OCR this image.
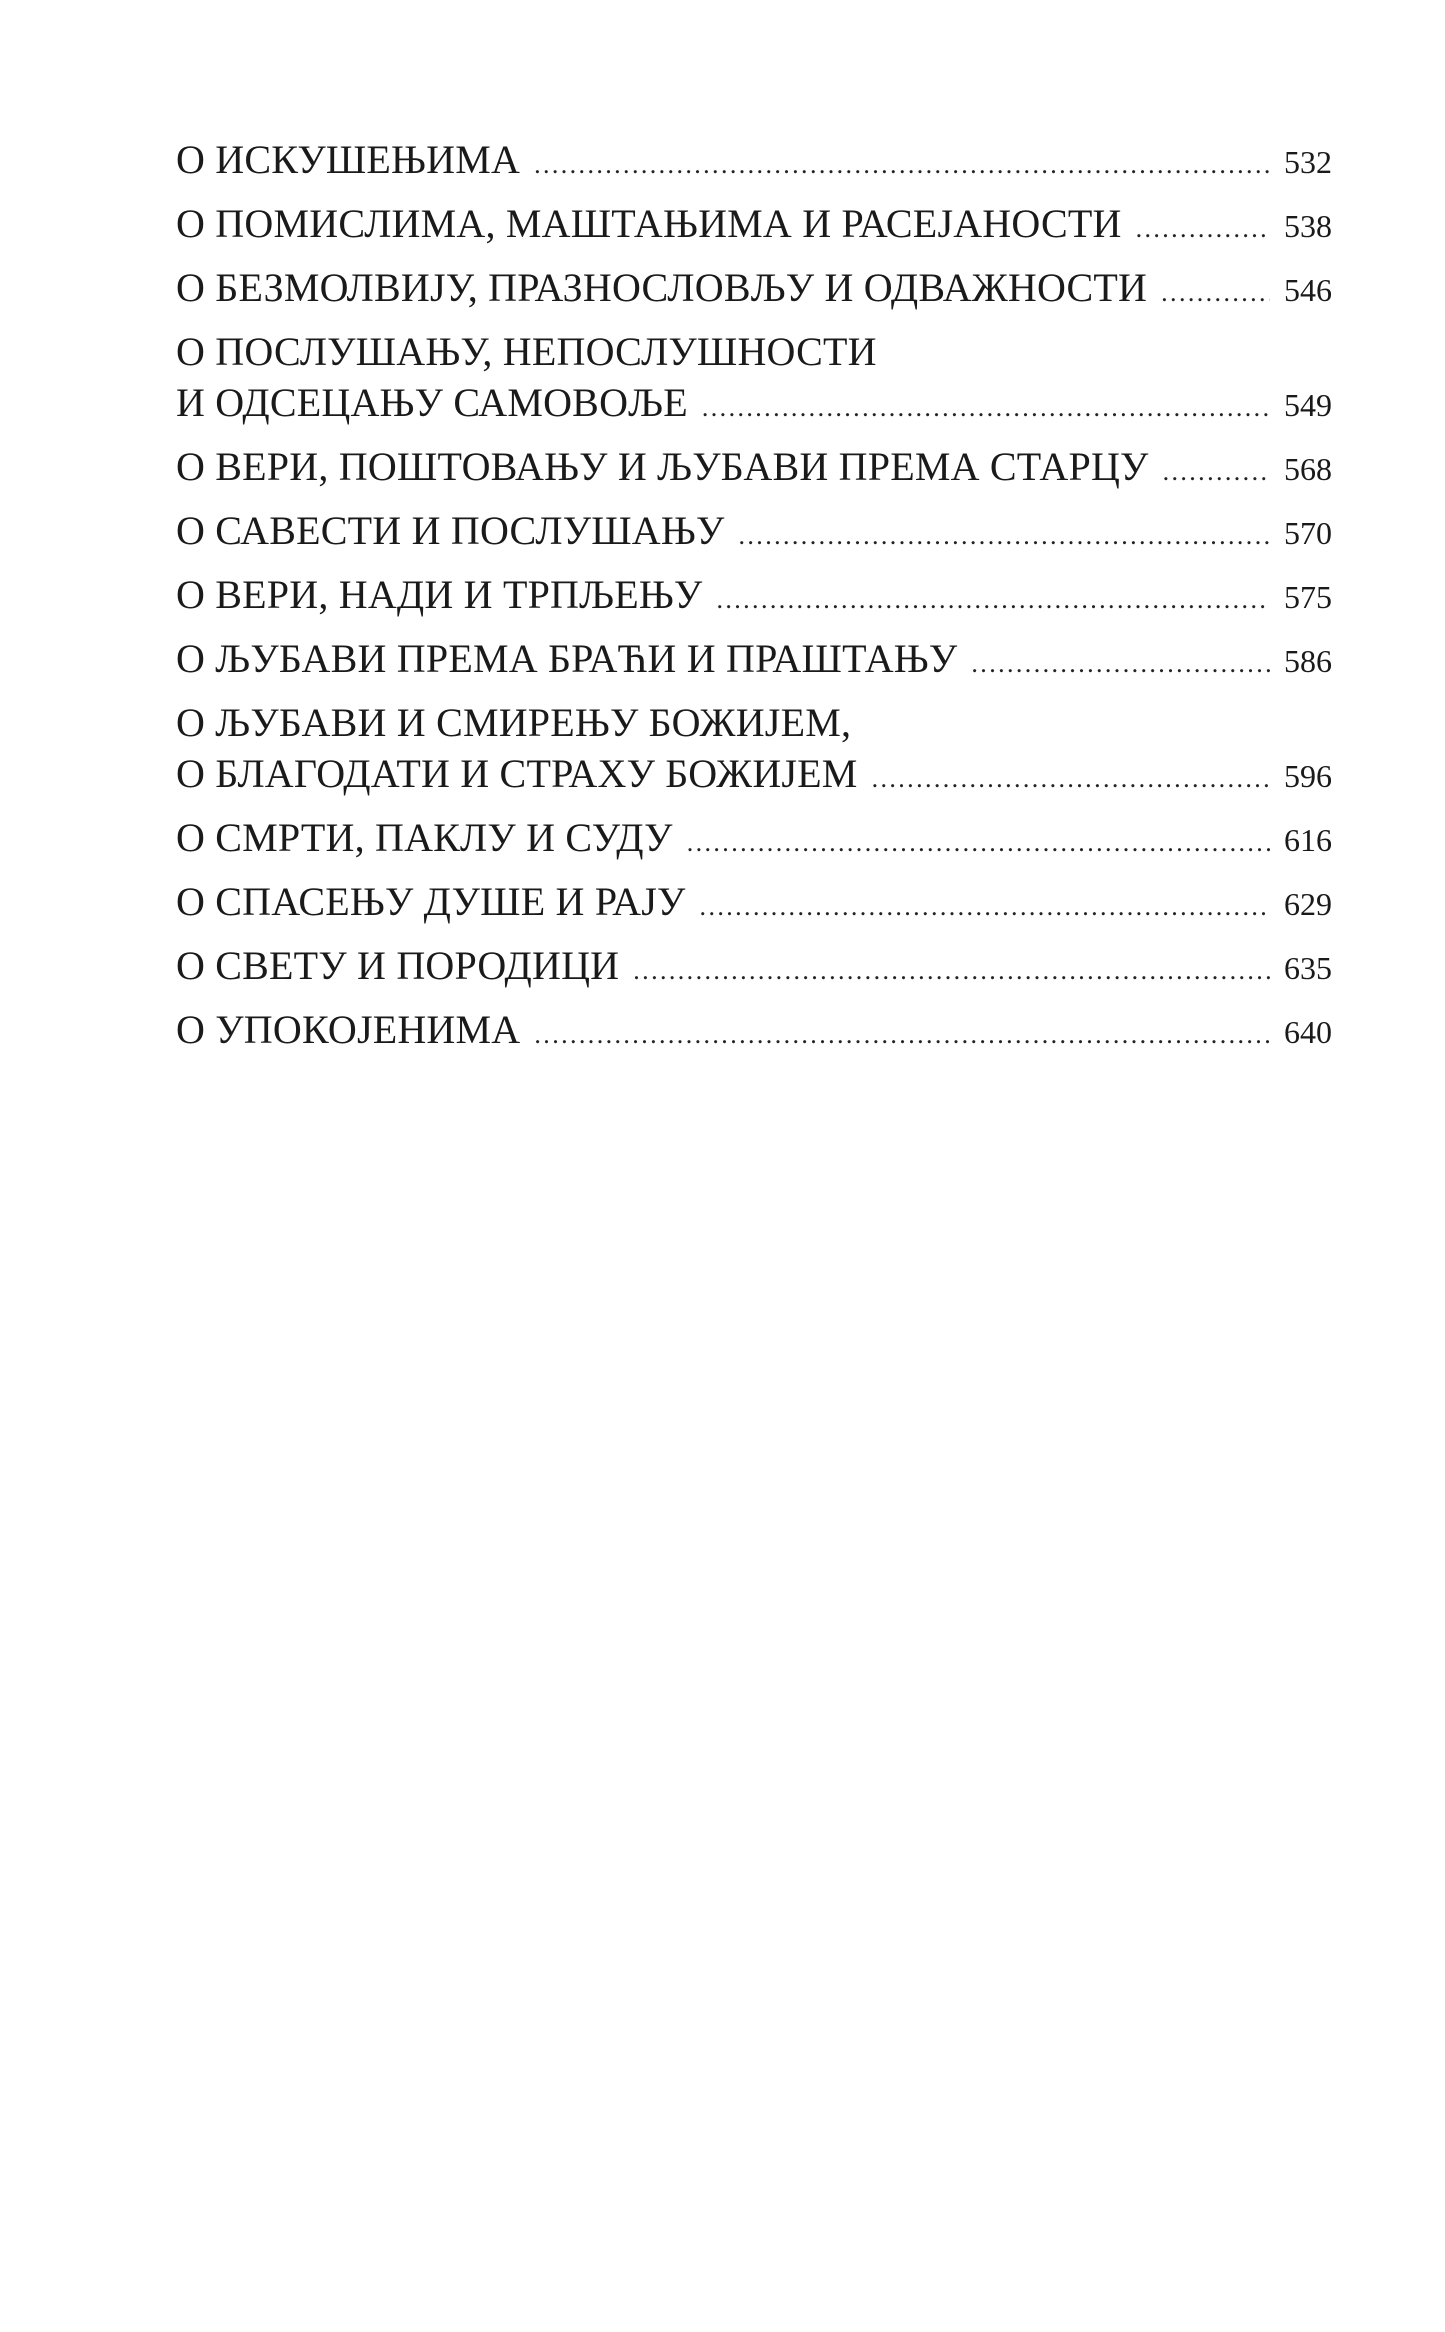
О ИСКУШЕЊИМА .....	532
О ПОМИСЛИМА, МАШТАЊИМА И РАСЕЈАНОСТИ .....	538
О БЕЗМОЛВИЈУ, ПРАЗНОСЛОВЉУ И ОДВАЖНОСТИ .....	546
О ПОСЛУШАЊУ, НЕПОСЛУШНОСТИ
И ОДСЕЦАЊУ САМОВОЉЕ .....	549
О ВЕРИ, ПОШТОВАЊУ И ЉУБАВИ ПРЕМА СТАРЦУ .....	568
О САВЕСТИ И ПОСЛУШАЊУ .....	570
О ВЕРИ, НАДИ И ТРПЉЕЊУ .....	575
О ЉУБАВИ ПРЕМА БРАЋИ И ПРАШТАЊУ .....	586
О ЉУБАВИ И СМИРЕЊУ БОЖИЈЕМ,
О БЛАГОДАТИ И СТРАХУ БОЖИЈЕМ .....	596
О СМРТИ, ПАКЛУ И СУДУ .....	616
О СПАСЕЊУ ДУШЕ И РАЈУ .....	629
О СВЕТУ И ПОРОДИЦИ .....	635
О УПОКОЈЕНИМА .....	640
